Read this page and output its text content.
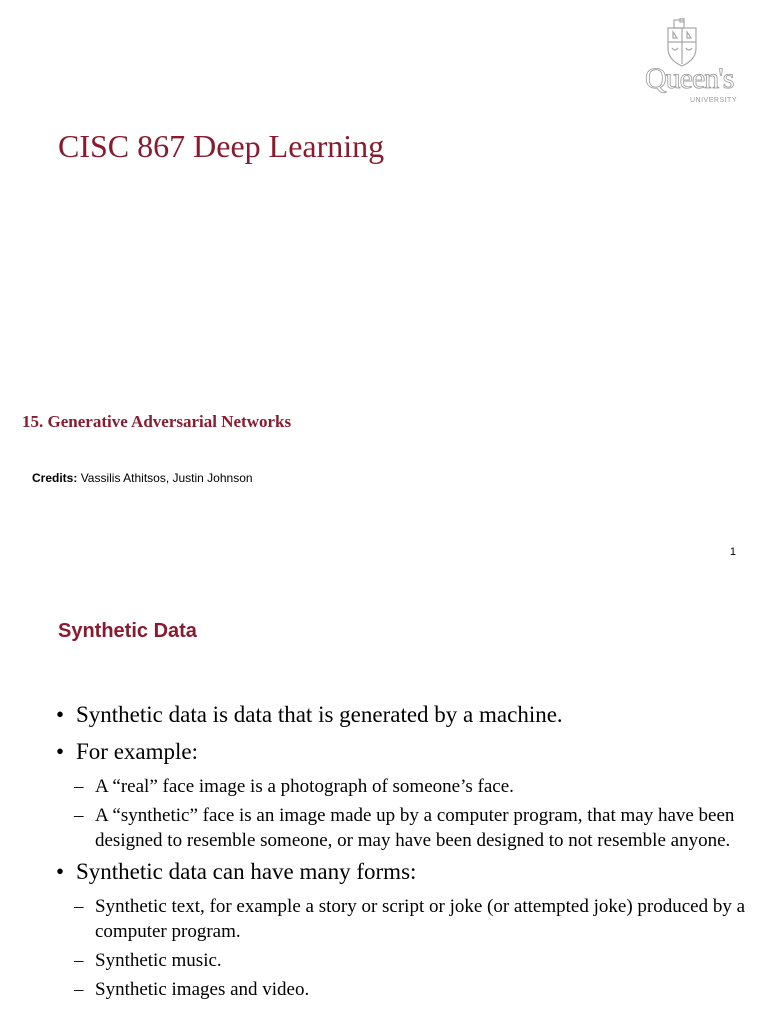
Queen's
UNIVERSITY
CISC 867 Deep Learning
15. Generative Adversarial Networks
Credits: Vassilis Athitsos, Justin Johnson
1
Synthetic Data
• Synthetic data is data that is generated by a machine.
• For example:
– A “real” face image is a photograph of someone’s face.
– A “synthetic” face is an image made up by a computer program, that may have been designed to resemble someone, or may have been designed to not resemble anyone.
• Synthetic data can have many forms:
– Synthetic text, for example a story or script or joke (or attempted joke) produced by a computer program.
– Synthetic music.
– Synthetic images and video.
